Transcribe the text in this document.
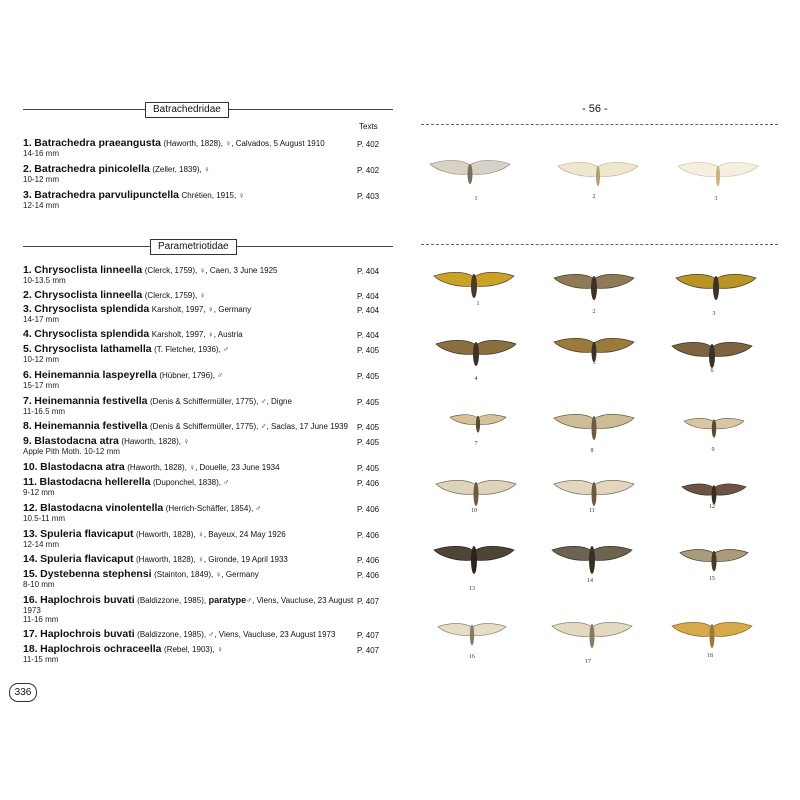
Batrachedridae
Texts
Parametriotidae
1. Batrachedra praeangusta (Haworth, 1828), ♀, Calvados, 5 August 1910
14-16 mm
P. 402
2. Batrachedra pinicolella (Zeller, 1839), ♀
10-12 mm
P. 402
3. Batrachedra parvulipunctella Chrétien, 1915, ♀
12-14 mm
P. 403
1. Chrysoclista linneella (Clerck, 1759), ♀, Caen, 3 June 1925
10-13.5 mm
P. 404
2. Chrysoclista linneella (Clerck, 1759), ♀	P. 404
3. Chrysoclista splendida Karsholt, 1997, ♀, Germany
14-17 mm
P. 404
4. Chrysoclista splendida Karsholt, 1997, ♀, Austria	P. 404
5. Chrysoclista lathamella (T. Fletcher, 1936), ♂
10-12 mm
P. 405
6. Heinemannia laspeyrella (Hübner, 1796), ♂
15-17 mm
P. 405
7. Heinemannia festivella (Denis & Schiffermüller, 1775), ♂, Digne
11-16.5 mm
P. 405
8. Heinemannia festivella (Denis & Schiffermüller, 1775), ♂, Saclas, 17 June 1939	P. 405
9. Blastodacna atra (Haworth, 1828), ♀
Apple Pith Moth. 10-12 mm
P. 405
10. Blastodacna atra (Haworth, 1828), ♀, Douelle, 23 June 1934	P. 405
11. Blastodacna hellerella (Duponchel, 1838), ♂
9-12 mm
P. 406
12. Blastodacna vinolentella (Herrich-Schäffer, 1854), ♂
10.5-11 mm
P. 406
13. Spuleria flavicaput (Haworth, 1828), ♀, Bayeux, 24 May 1926
12-14 mm
P. 406
14. Spuleria flavicaput (Haworth, 1828), ♀, Gironde, 19 April 1933	P. 406
15. Dystebenna stephensi (Stainton, 1849), ♀, Germany
8-10 mm
P. 406
16. Haplochrois buvati (Baldizzone, 1985), paratype♂, Viens, Vaucluse, 23 August
1973
11-16 mm
P. 407
17. Haplochrois buvati (Baldizzone, 1985), ♂, Viens, Vaucluse, 23 August 1973	P. 407
18. Haplochrois ochraceella (Rebel, 1903), ♀
11-15 mm
P. 407
336
- 56 -
1	2	3
1
2	3
4
5
6
7
8	9
10	11
12
13
14	15
16
17
18
